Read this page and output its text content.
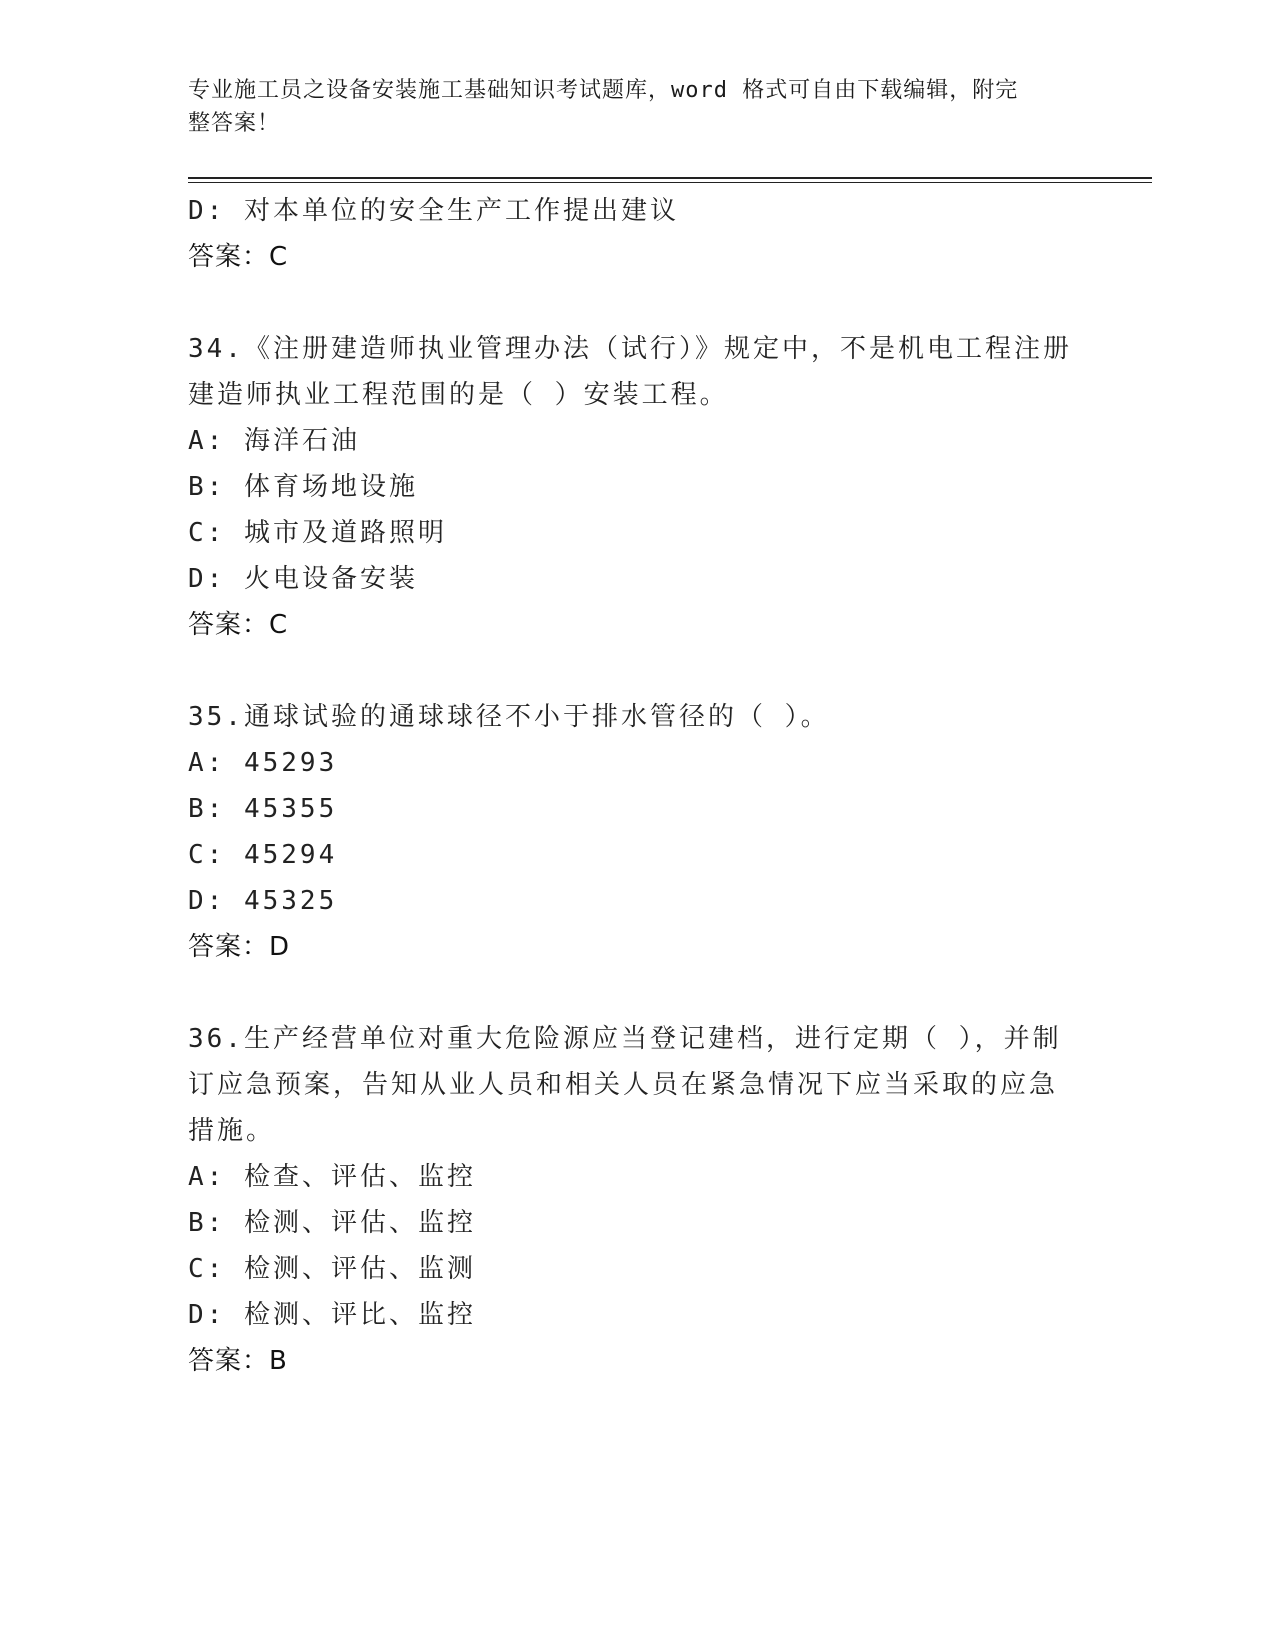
专业施工员之设备安装施工基础知识考试题库，word 格式可自由下载编辑，附完
整答案！
D: 对本单位的安全生产工作提出建议
答案：C
34.《注册建造师执业管理办法（试行）》规定中，不是机电工程注册
建造师执业工程范围的是（ ）安装工程。
A: 海洋石油
B: 体育场地设施
C: 城市及道路照明
D: 火电设备安装
答案：C
35.通球试验的通球球径不小于排水管径的（ ）。
A: 45293
B: 45355
C: 45294
D: 45325
答案：D
36.生产经营单位对重大危险源应当登记建档，进行定期（ ），并制
订应急预案，告知从业人员和相关人员在紧急情况下应当采取的应急
措施。
A: 检查、评估、监控
B: 检测、评估、监控
C: 检测、评估、监测
D: 检测、评比、监控
答案：B
